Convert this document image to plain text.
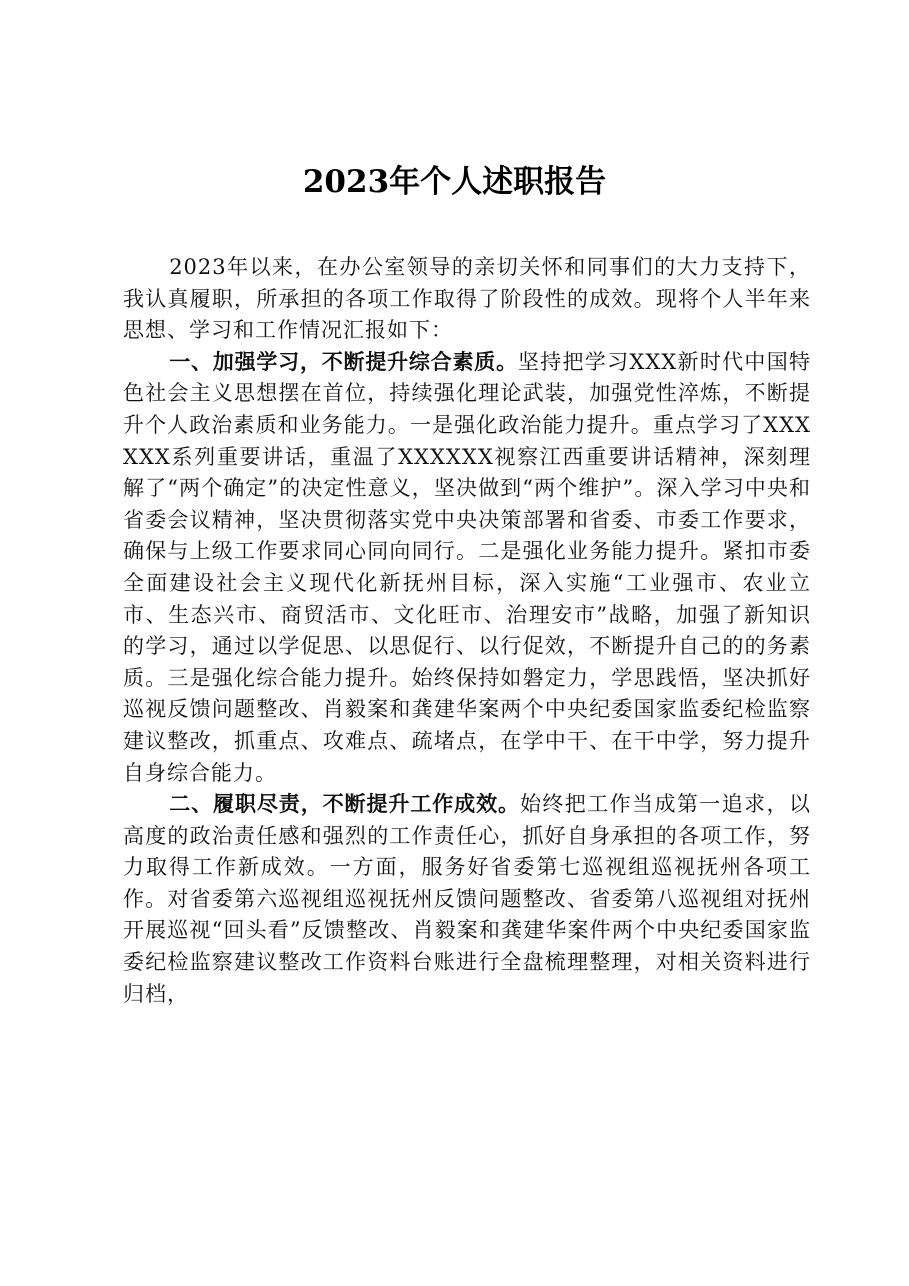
2023年个人述职报告

2023年以来，在办公室领导的亲切关怀和同事们的大力支持下，我认真履职，所承担的各项工作取得了阶段性的成效。现将个人半年来思想、学习和工作情况汇报如下：

一、加强学习，不断提升综合素质。坚持把学习XXX新时代中国特色社会主义思想摆在首位，持续强化理论武装，加强党性淬炼，不断提升个人政治素质和业务能力。一是强化政治能力提升。重点学习了XXXXXX系列重要讲话，重温了XXXXXX视察江西重要讲话精神，深刻理解了“两个确定”的决定性意义，坚决做到“两个维护”。深入学习中央和省委会议精神，坚决贯彻落实党中央决策部署和省委、市委工作要求，确保与上级工作要求同心同向同行。二是强化业务能力提升。紧扣市委全面建设社会主义现代化新抚州目标，深入实施“工业强市、农业立市、生态兴市、商贸活市、文化旺市、治理安市”战略，加强了新知识的学习，通过以学促思、以思促行、以行促效，不断提升自己的的务素质。三是强化综合能力提升。始终保持如磐定力，学思践悟，坚决抓好巡视反馈问题整改、肖毅案和龚建华案两个中央纪委国家监委纪检监察建议整改，抓重点、攻难点、疏堵点，在学中干、在干中学，努力提升自身综合能力。

二、履职尽责，不断提升工作成效。始终把工作当成第一追求，以高度的政治责任感和强烈的工作责任心，抓好自身承担的各项工作，努力取得工作新成效。一方面，服务好省委第七巡视组巡视抚州各项工作。对省委第六巡视组巡视抚州反馈问题整改、省委第八巡视组对抚州开展巡视“回头看”反馈整改、肖毅案和龚建华案件两个中央纪委国家监委纪检监察建议整改工作资料台账进行全盘梳理整理，对相关资料进行归档，
